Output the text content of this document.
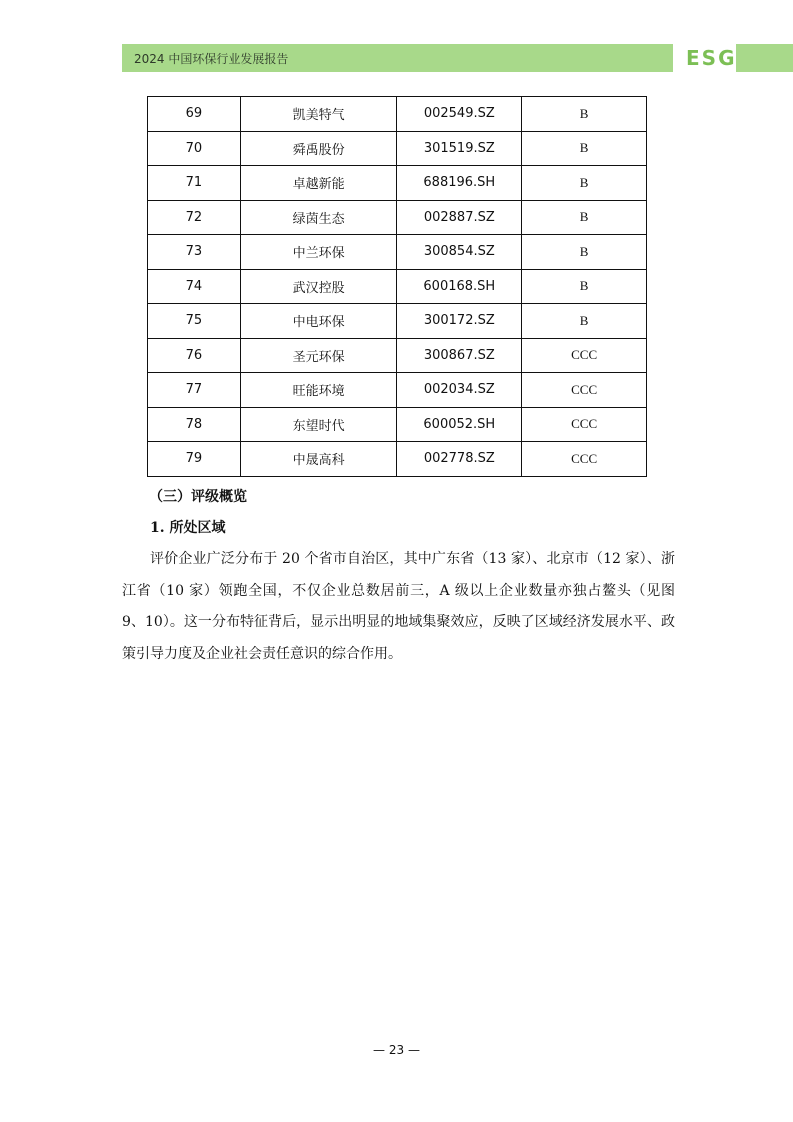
2024 中国环保行业发展报告	ESG
69	凯美特气	002549.SZ	B
70	舜禹股份	301519.SZ	B
71	卓越新能	688196.SH	B
72	绿茵生态	002887.SZ	B
73	中兰环保	300854.SZ	B
74	武汉控股	600168.SH	B
75	中电环保	300172.SZ	B
76	圣元环保	300867.SZ	CCC
77	旺能环境	002034.SZ	CCC
78	东望时代	600052.SH	CCC
79	中晟高科	002778.SZ	CCC
（三）评级概览
1. 所处区域

评价企业广泛分布于 20 个省市自治区，其中广东省（13 家）、北京市（12 家）、浙江省（10 家）领跑全国，不仅企业总数居前三，A 级以上企业数量亦独占鳌头（见图 9、10）。这一分布特征背后，显示出明显的地域集聚效应，反映了区域经济发展水平、政策引导力度及企业社会责任意识的综合作用。

— 23 —
